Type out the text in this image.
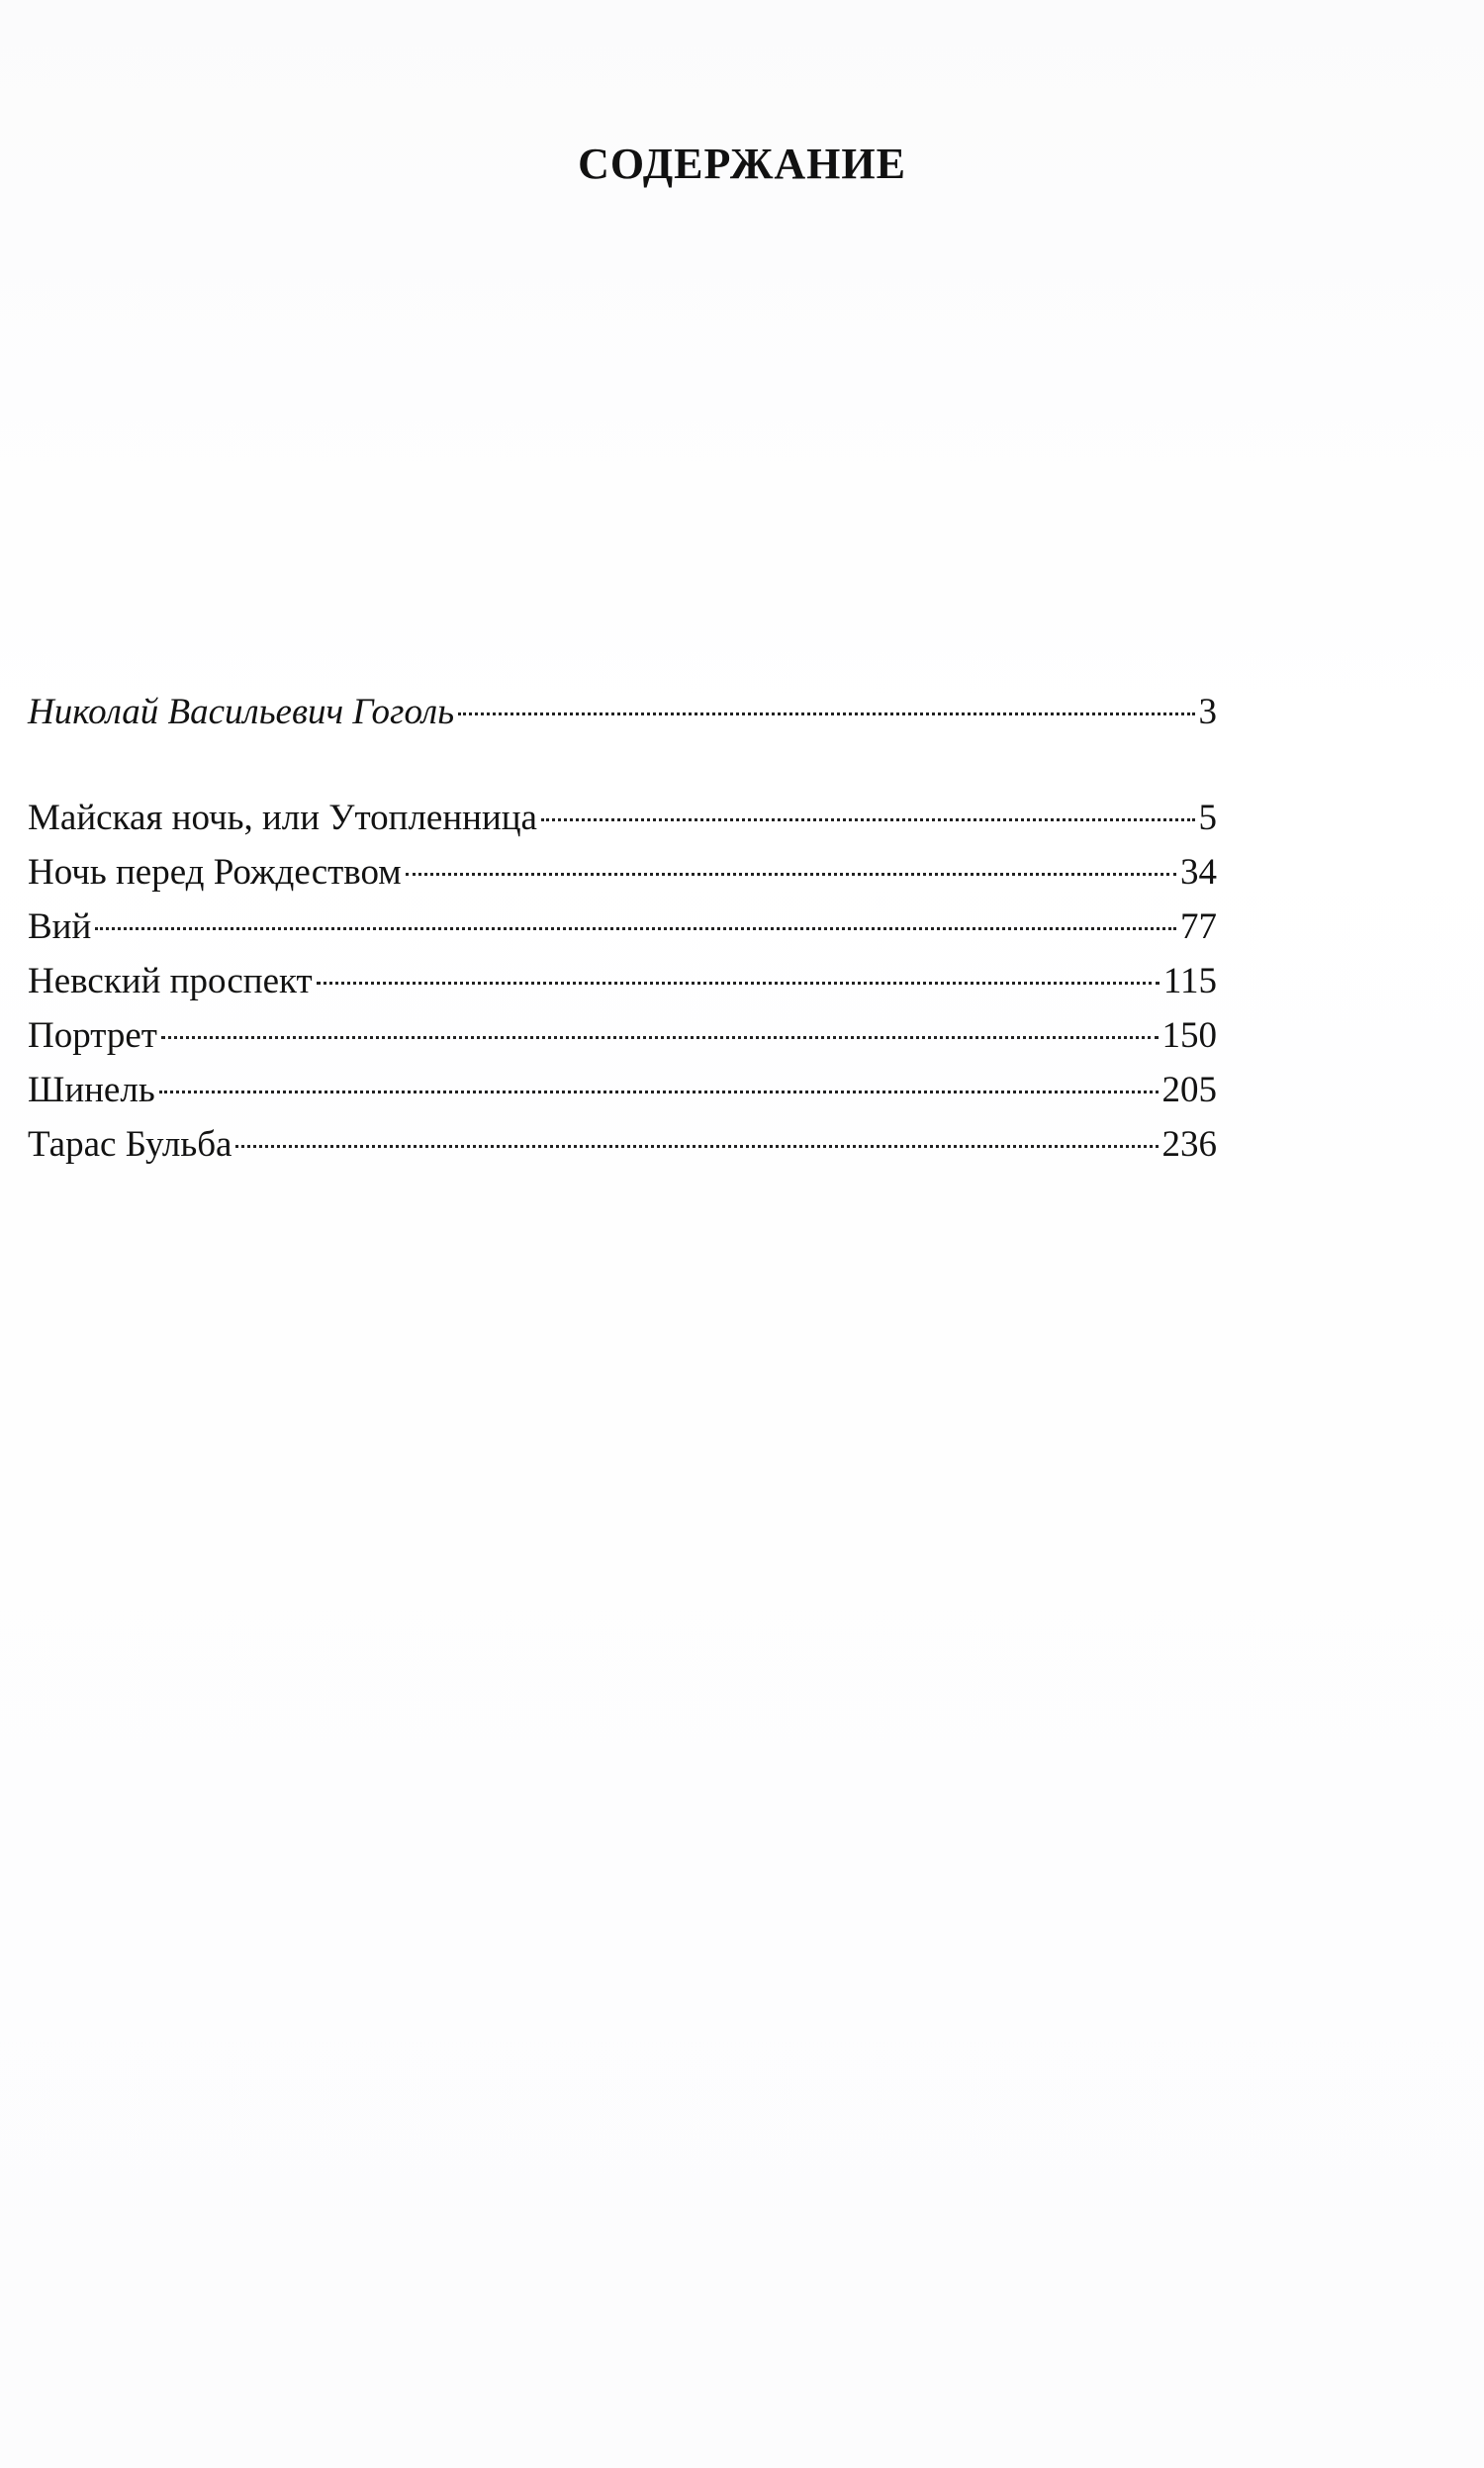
СОДЕРЖАНИЕ
Николай Васильевич Гоголь	3
Майская ночь, или Утопленница	5
Ночь перед Рождеством	34
Вий	77
Невский проспект	115
Портрет	150
Шинель	205
Тарас Бульба	236
